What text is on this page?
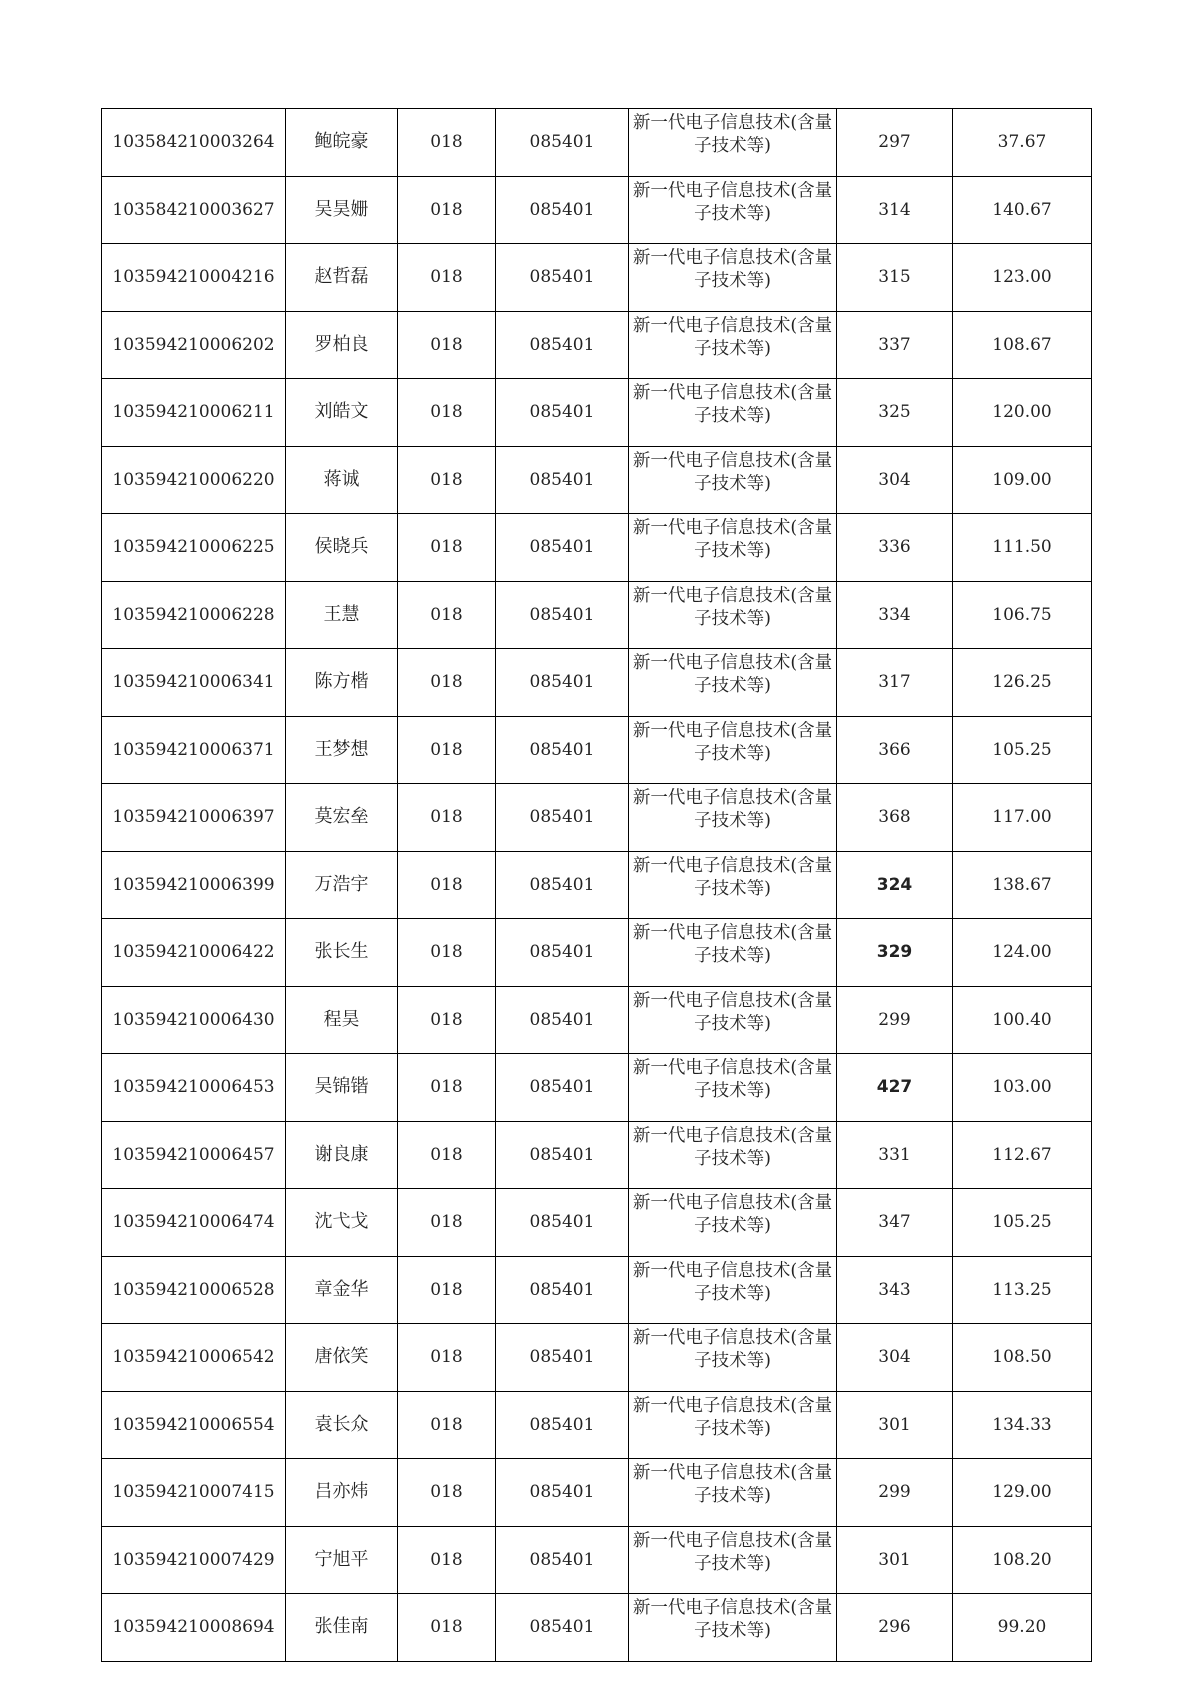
103584210003264	鲍皖豪	018	085401	新一代电子信息技术(含量子技术等)	297	37.67
103584210003627	吴昊姗	018	085401	新一代电子信息技术(含量子技术等)	314	140.67
103594210004216	赵哲磊	018	085401	新一代电子信息技术(含量子技术等)	315	123.00
103594210006202	罗柏良	018	085401	新一代电子信息技术(含量子技术等)	337	108.67
103594210006211	刘皓文	018	085401	新一代电子信息技术(含量子技术等)	325	120.00
103594210006220	蒋诚	018	085401	新一代电子信息技术(含量子技术等)	304	109.00
103594210006225	侯晓兵	018	085401	新一代电子信息技术(含量子技术等)	336	111.50
103594210006228	王慧	018	085401	新一代电子信息技术(含量子技术等)	334	106.75
103594210006341	陈方楷	018	085401	新一代电子信息技术(含量子技术等)	317	126.25
103594210006371	王梦想	018	085401	新一代电子信息技术(含量子技术等)	366	105.25
103594210006397	莫宏垒	018	085401	新一代电子信息技术(含量子技术等)	368	117.00
103594210006399	万浩宇	018	085401	新一代电子信息技术(含量子技术等)	324	138.67
103594210006422	张长生	018	085401	新一代电子信息技术(含量子技术等)	329	124.00
103594210006430	程昊	018	085401	新一代电子信息技术(含量子技术等)	299	100.40
103594210006453	吴锦锴	018	085401	新一代电子信息技术(含量子技术等)	427	103.00
103594210006457	谢良康	018	085401	新一代电子信息技术(含量子技术等)	331	112.67
103594210006474	沈弋戈	018	085401	新一代电子信息技术(含量子技术等)	347	105.25
103594210006528	章金华	018	085401	新一代电子信息技术(含量子技术等)	343	113.25
103594210006542	唐依笑	018	085401	新一代电子信息技术(含量子技术等)	304	108.50
103594210006554	袁长众	018	085401	新一代电子信息技术(含量子技术等)	301	134.33
103594210007415	吕亦炜	018	085401	新一代电子信息技术(含量子技术等)	299	129.00
103594210007429	宁旭平	018	085401	新一代电子信息技术(含量子技术等)	301	108.20
103594210008694	张佳南	018	085401	新一代电子信息技术(含量子技术等)	296	99.20
